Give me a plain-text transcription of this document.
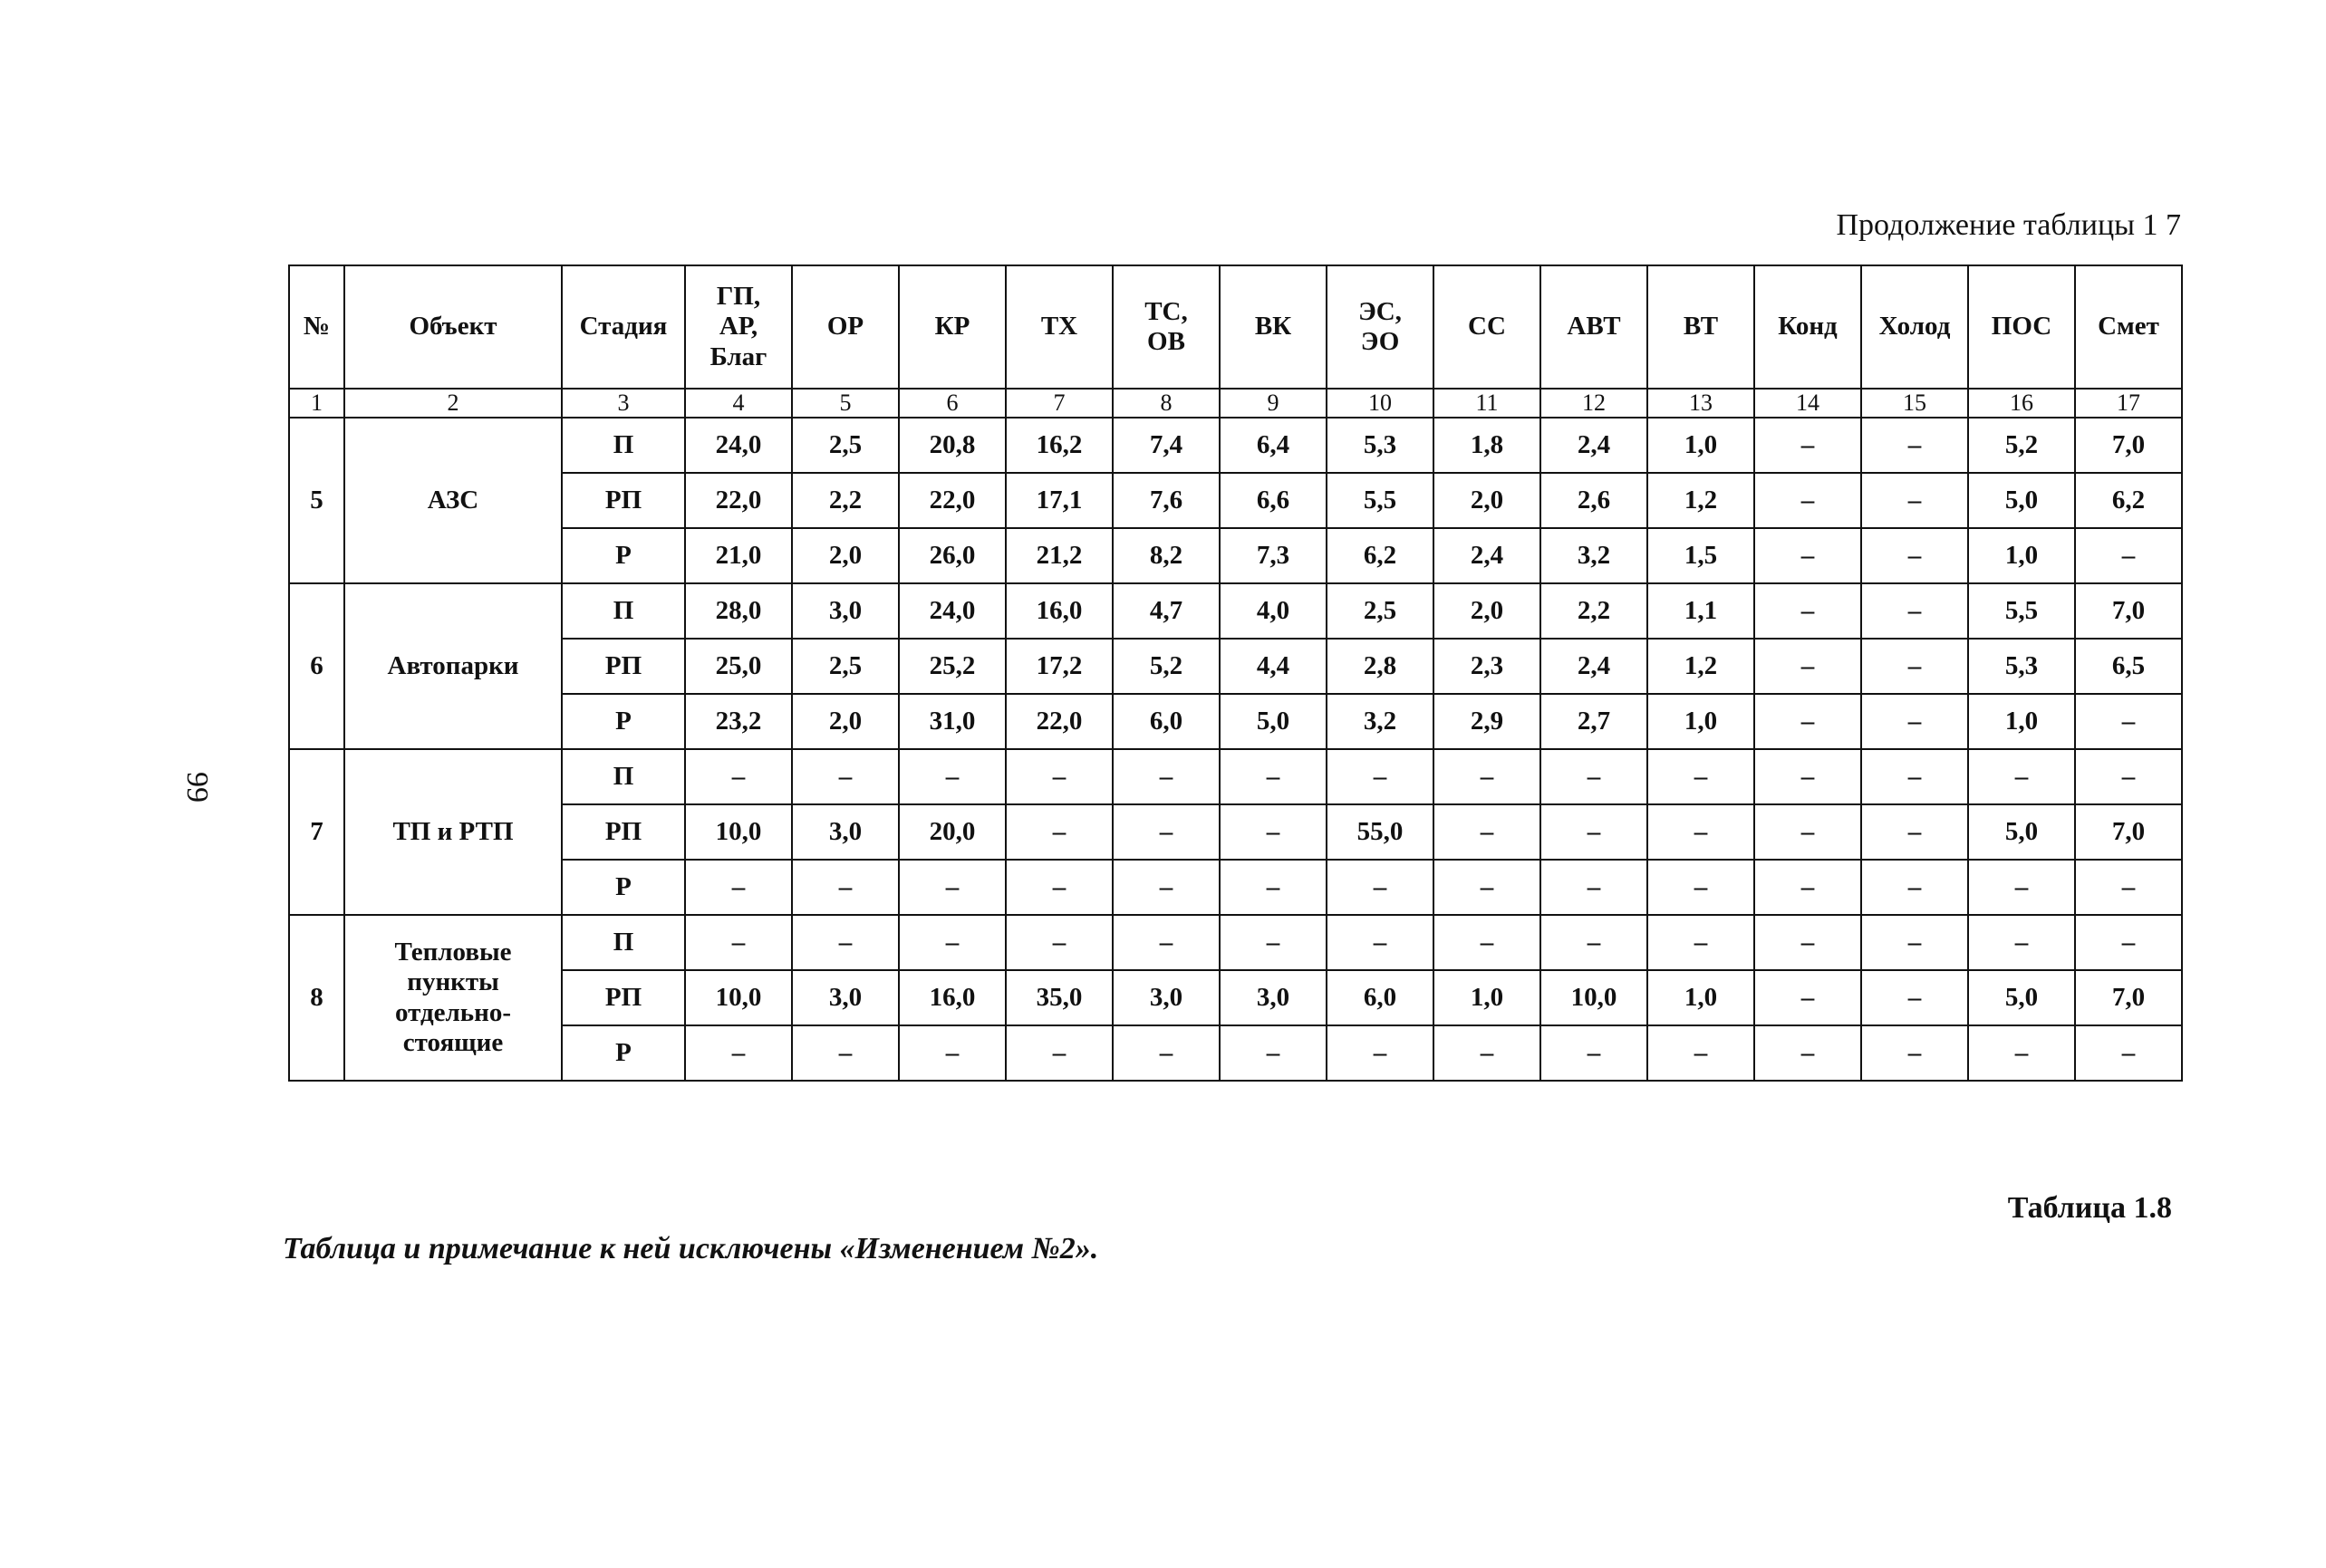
99
Продолжение таблицы 1 7
№	Объект	Стадия	ГП,
АР,
Благ	ОР	КР	ТХ	ТС,
ОВ	ВК	ЭС,
ЭО	СС	АВТ	ВТ	Конд	Холод	ПОС	Смет
1	2	3	4	5	6	7	8	9	10	11	12	13	14	15	16	17
5	АЗС	П	24,0	2,5	20,8	16,2	7,4	6,4	5,3	1,8	2,4	1,0	–	–	5,2	7,0
		РП	22,0	2,2	22,0	17,1	7,6	6,6	5,5	2,0	2,6	1,2	–	–	5,0	6,2
		Р	21,0	2,0	26,0	21,2	8,2	7,3	6,2	2,4	3,2	1,5	–	–	1,0	–
6	Автопарки	П	28,0	3,0	24,0	16,0	4,7	4,0	2,5	2,0	2,2	1,1	–	–	5,5	7,0
		РП	25,0	2,5	25,2	17,2	5,2	4,4	2,8	2,3	2,4	1,2	–	–	5,3	6,5
		Р	23,2	2,0	31,0	22,0	6,0	5,0	3,2	2,9	2,7	1,0	–	–	1,0	–
7	ТП и РТП	П	–	–	–	–	–	–	–	–	–	–	–	–	–	–
		РП	10,0	3,0	20,0	–	–	–	55,0	–	–	–	–	–	5,0	7,0
		Р	–	–	–	–	–	–	–	–	–	–	–	–	–	–
8	Тепловые
пункты
отдельно-
стоящие	П	–	–	–	–	–	–	–	–	–	–	–	–	–	–
		РП	10,0	3,0	16,0	35,0	3,0	3,0	6,0	1,0	10,0	1,0	–	–	5,0	7,0
		Р	–	–	–	–	–	–	–	–	–	–	–	–	–	–
Таблица 1.8
Таблица и примечание к ней исключены «Изменением №2».
